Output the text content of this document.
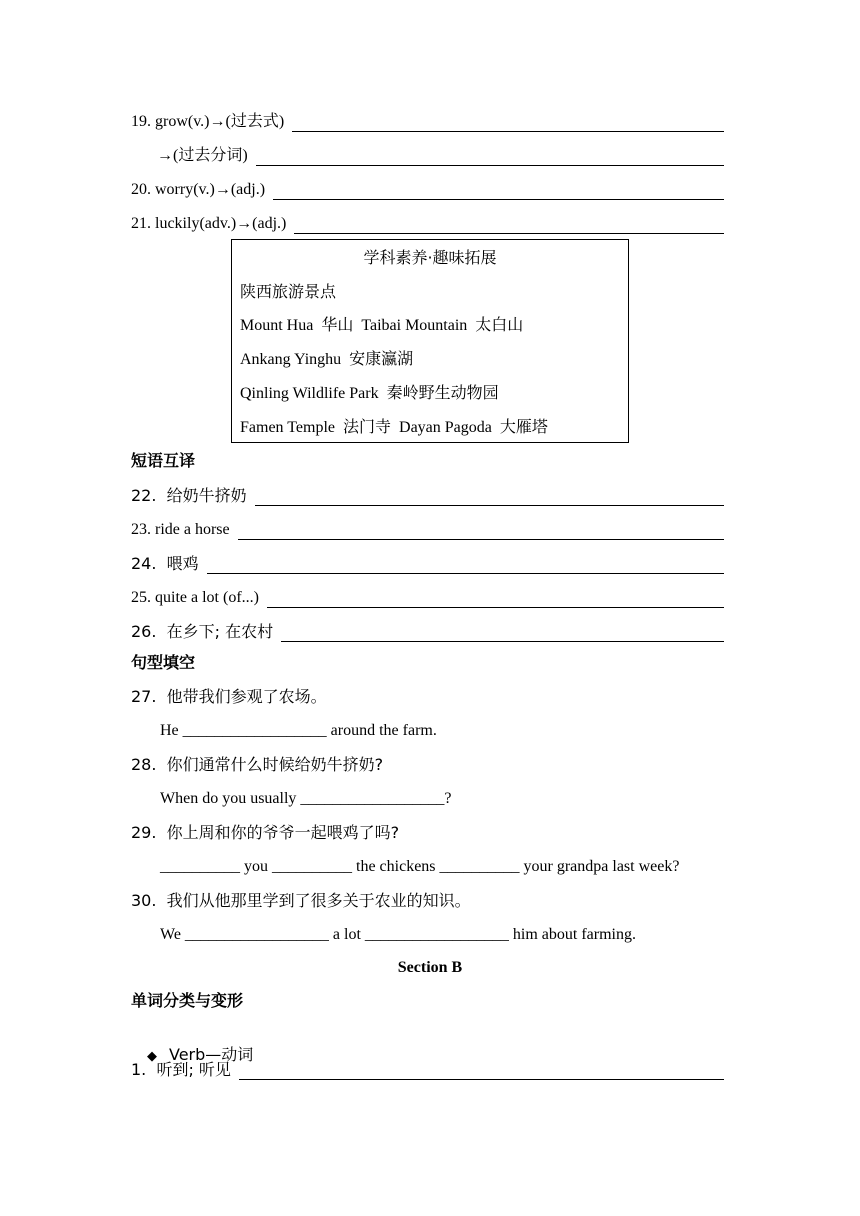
19. grow(v.)→(过去式)
→(过去分词)
20. worry(v.)→(adj.)
21. luckily(adv.)→(adj.)
学科素养·趣味拓展
陕西旅游景点
Mount Hua  华山  Taibai Mountain  太白山
Ankang Yinghu  安康瀛湖
Qinling Wildlife Park  秦岭野生动物园
Famen Temple  法门寺  Dayan Pagoda  大雁塔
短语互译
22.  给奶牛挤奶
23. ride a horse
24.  喂鸡
25. quite a lot (of...)
26.  在乡下; 在农村
句型填空
27.  他带我们参观了农场。
He __________________ around the farm.
28.  你们通常什么时候给奶牛挤奶?
When do you usually __________________?
29.  你上周和你的爷爷一起喂鸡了吗?
__________ you __________ the chickens __________ your grandpa last week?
30.  我们从他那里学到了很多关于农业的知识。
We __________________ a lot __________________ him about farming.
Section B
单词分类与变形

◆ Verb—动词

1.  听到; 听见
